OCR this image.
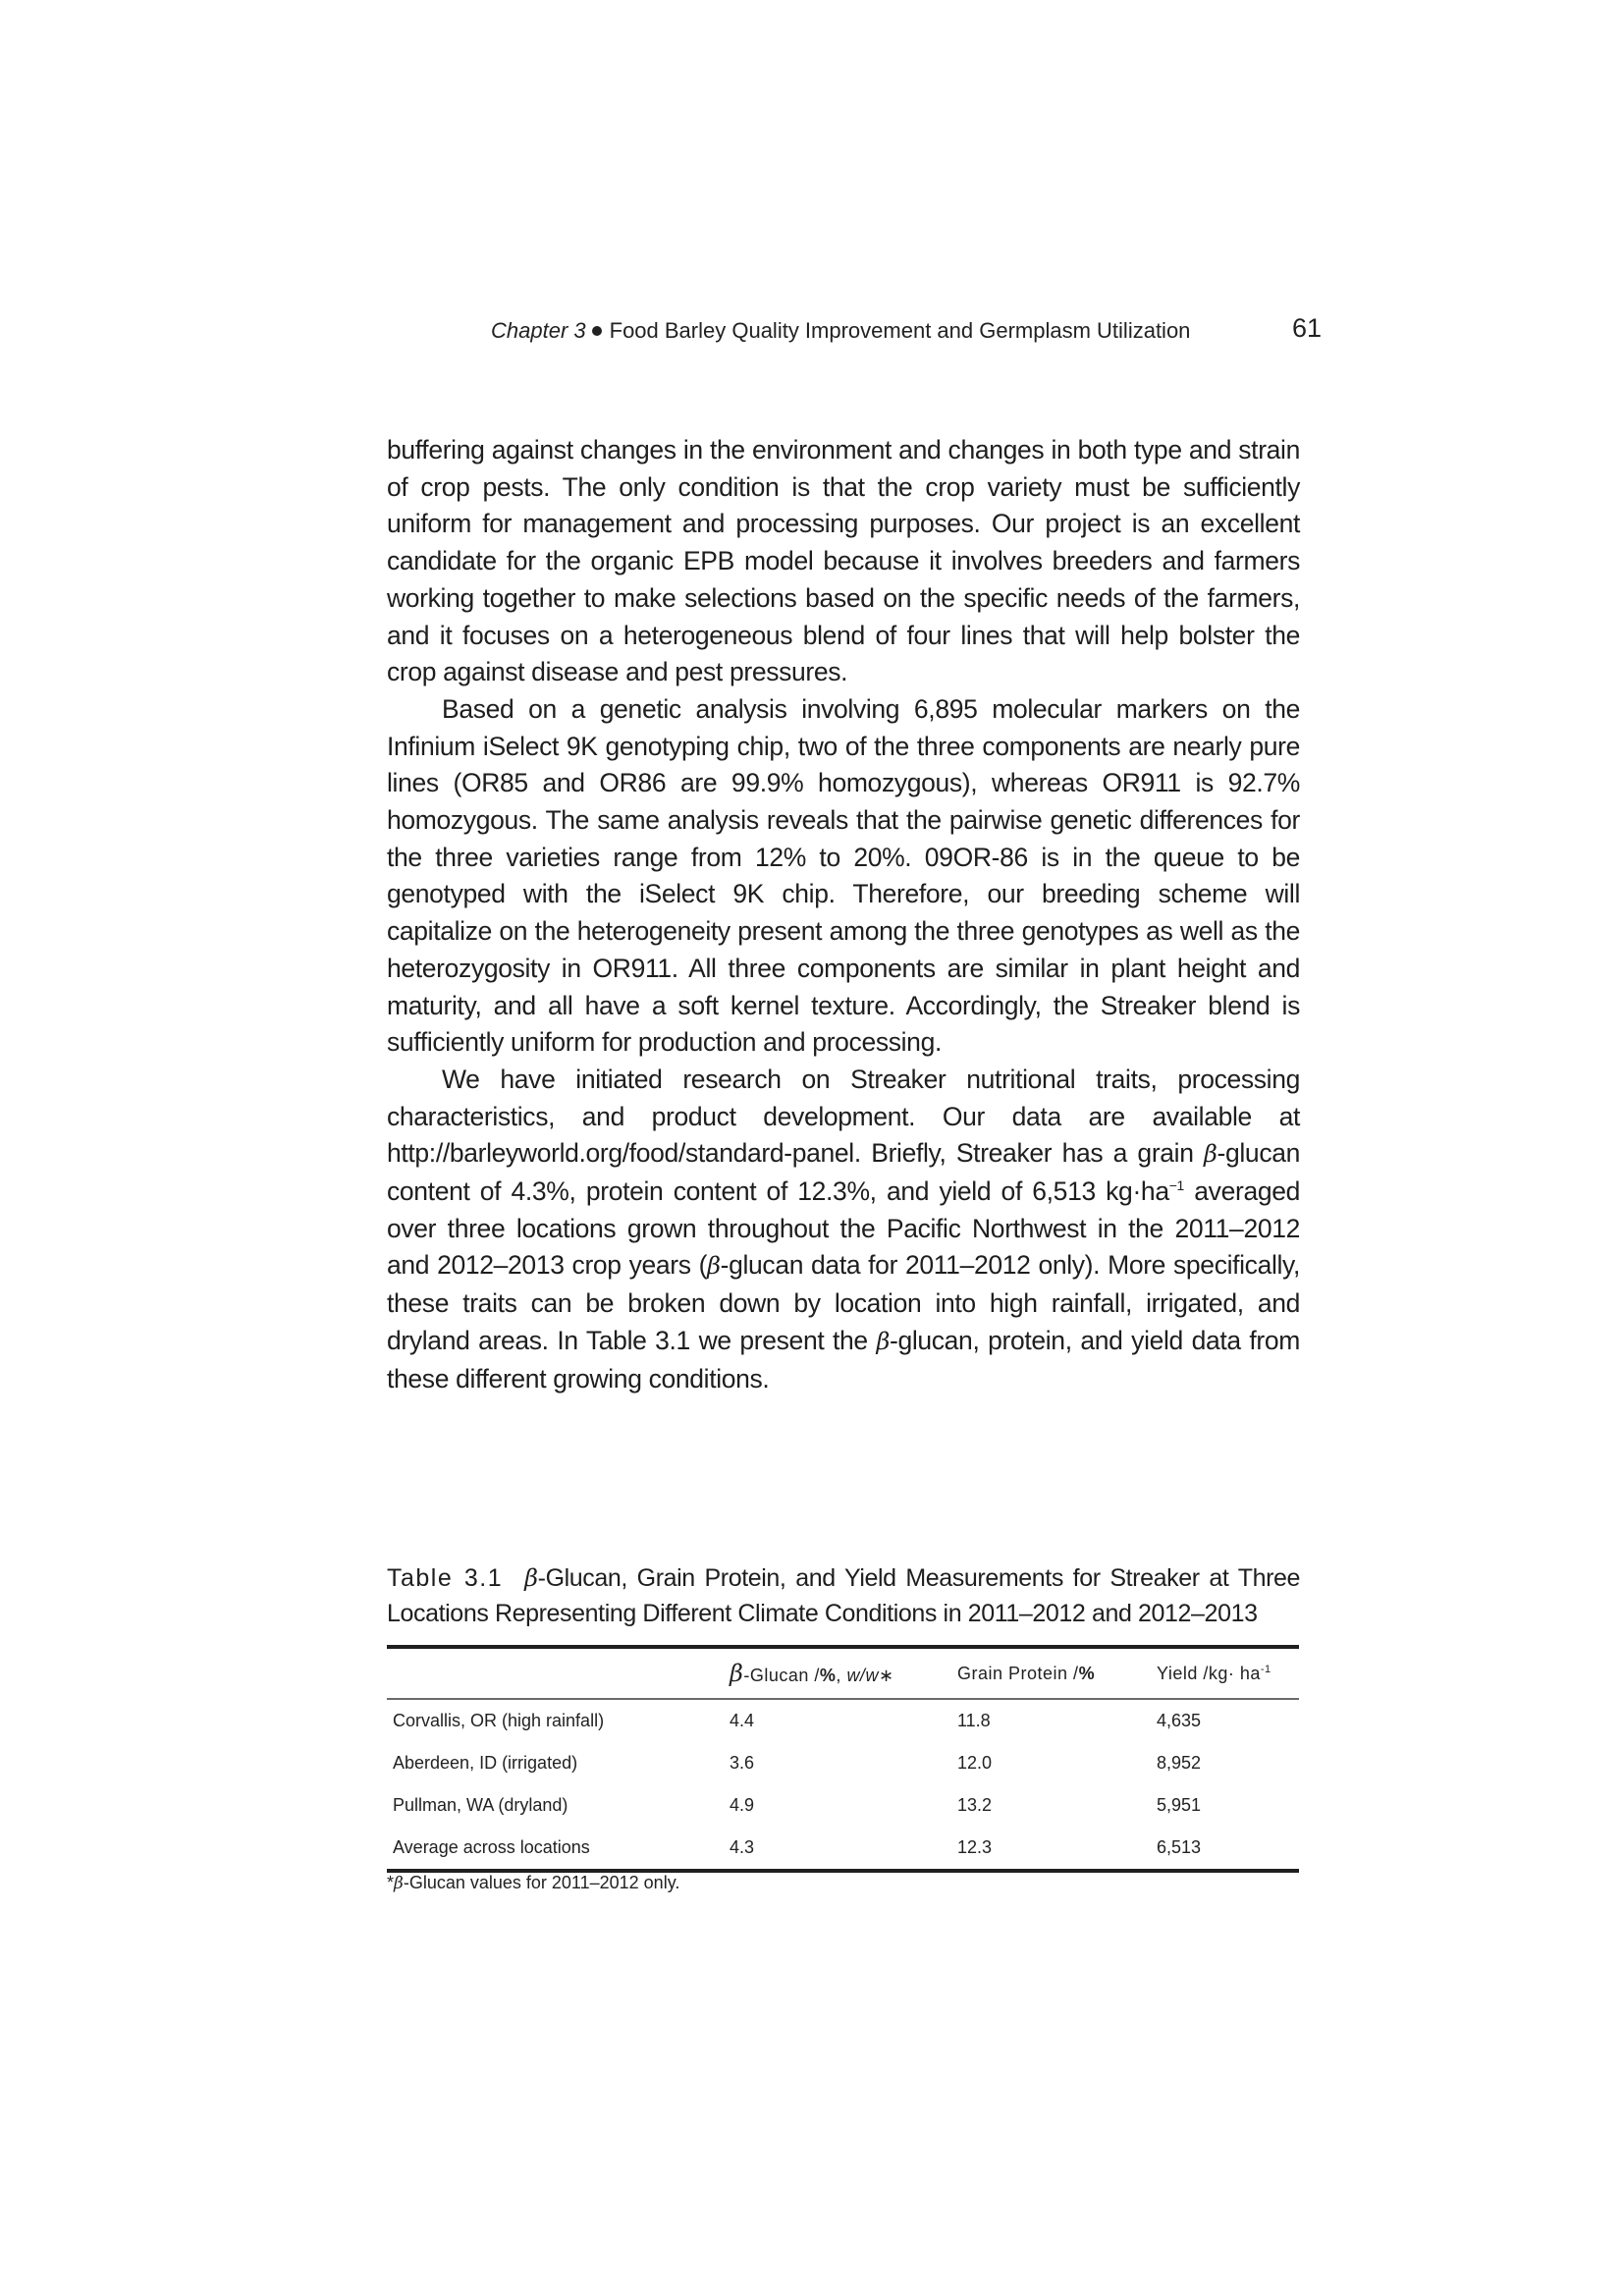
Chapter 3 Food Barley Quality Improvement and Germplasm Utilization	61

buffering against changes in the environment and changes in both type and strain of crop pests. The only condition is that the crop variety must be sufficiently uniform for management and processing purposes. Our project is an excellent candidate for the organic EPB model because it involves breeders and farmers working together to make selections based on the specific needs of the farmers, and it focuses on a heterogeneous blend of four lines that will help bolster the crop against disease and pest pressures.

Based on a genetic analysis involving 6,895 molecular markers on the Infinium iSelect 9K genotyping chip, two of the three components are nearly pure lines (OR85 and OR86 are 99.9% homozygous), whereas OR911 is 92.7% homozygous. The same analysis reveals that the pairwise genetic differences for the three varieties range from 12% to 20%. 09OR-86 is in the queue to be genotyped with the iSelect 9K chip. Therefore, our breeding scheme will capitalize on the heterogeneity present among the three genotypes as well as the heterozygosity in OR911. All three components are similar in plant height and maturity, and all have a soft kernel texture. Accordingly, the Streaker blend is sufficiently uniform for production and processing.

We have initiated research on Streaker nutritional traits, processing characteristics, and product development. Our data are available at http://barleyworld.org/food/standard-panel. Briefly, Streaker has a grain β-glucan content of 4.3%, protein content of 12.3%, and yield of 6,513 $kg\cdot ha^{-1}$ averaged over three locations grown throughout the Pacific Northwest in the 2011–2012 and 2012–2013 crop years (β-glucan data for 2011–2012 only). More specifically, these traits can be broken down by location into high rainfall, irrigated, and dryland areas. In Table 3.1 we present the β-glucan, protein, and yield data from these different growing conditions.

Table 3.1 β-Glucan, Grain Protein, and Yield Measurements for Streaker at Three Locations Representing Different Climate Conditions in 2011–2012 and 2012–2013
	β-Glucan /%, w/w∗	Grain Protein /%	Yield $/kg\cdot ha^{-1}$
Corvallis, OR (high rainfall)	4.4	11.8	4,635
Aberdeen, ID (irrigated)	3.6	12.0	8,952
Pullman, WA (dryland)	4.9	13.2	5,951
Average across locations	4.3	12.3	6,513
*β-Glucan values for 2011–2012 only.
